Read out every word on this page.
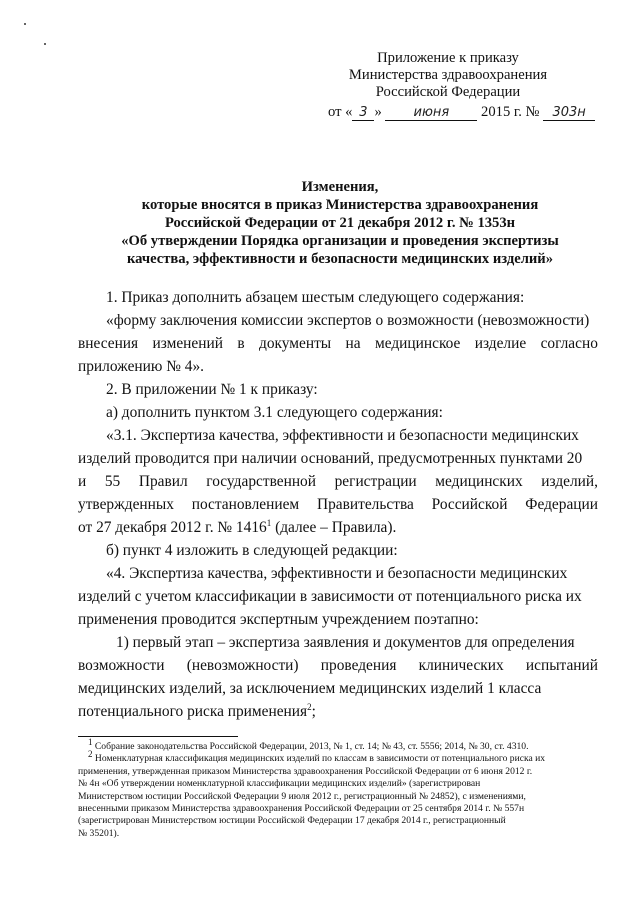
Приложение к приказу
Министерства здравоохранения
Российской Федерации
от « 3 » июня 2015 г. № 303н
Изменения,
которые вносятся в приказ Министерства здравоохранения
Российской Федерации от 21 декабря 2012 г. № 1353н
«Об утверждении Порядка организации и проведения экспертизы
качества, эффективности и безопасности медицинских изделий»
1. Приказ дополнить абзацем шестым следующего содержания:
«форму заключения комиссии экспертов о возможности (невозможности)
внесения изменений в документы на медицинское изделие согласно
приложению № 4».
2. В приложении № 1 к приказу:
а) дополнить пунктом 3.1 следующего содержания:
«3.1. Экспертиза качества, эффективности и безопасности медицинских
изделий проводится при наличии оснований, предусмотренных пунктами 20
и 55 Правил государственной регистрации медицинских изделий,
утвержденных постановлением Правительства Российской Федерации
от 27 декабря 2012 г. № 1416$^1$ (далее – Правила).
б) пункт 4 изложить в следующей редакции:
«4. Экспертиза качества, эффективности и безопасности медицинских
изделий с учетом классификации в зависимости от потенциального риска их
применения проводится экспертным учреждением поэтапно:
1) первый этап – экспертиза заявления и документов для определения
возможности (невозможности) проведения клинических испытаний
медицинских изделий, за исключением медицинских изделий 1 класса
потенциального риска применения$^2$;
$^1$ Собрание законодательства Российской Федерации, 2013, № 1, ст. 14; № 43, ст. 5556; 2014, № 30, ст. 4310.
$^2$ Номенклатурная классификация медицинских изделий по классам в зависимости от потенциального риска их
применения, утвержденная приказом Министерства здравоохранения Российской Федерации от 6 июня 2012 г.
№ 4н «Об утверждении номенклатурной классификации медицинских изделий» (зарегистрирован
Министерством юстиции Российской Федерации 9 июля 2012 г., регистрационный № 24852), с изменениями,
внесенными приказом Министерства здравоохранения Российской Федерации от 25 сентября 2014 г. № 557н
(зарегистрирован Министерством юстиции Российской Федерации 17 декабря 2014 г., регистрационный
№ 35201).
